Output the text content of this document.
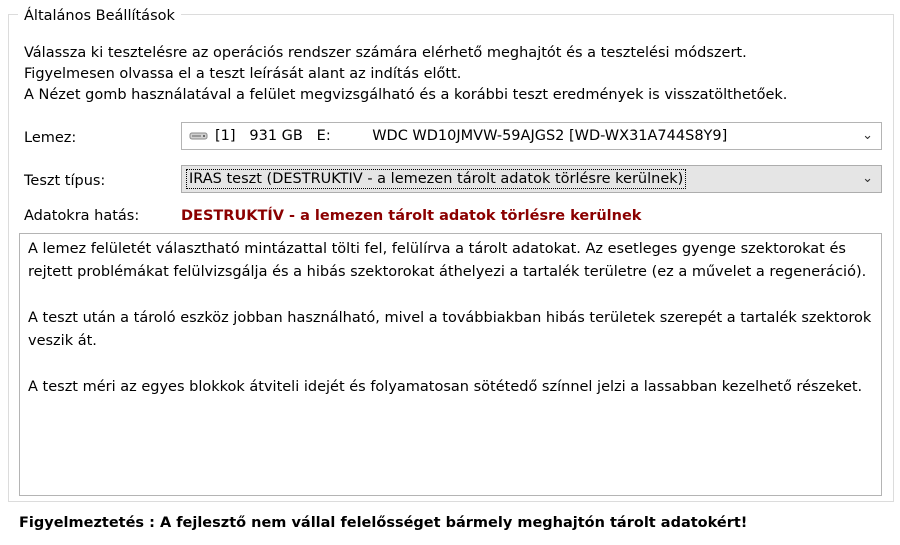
Általános Beállítások
Válassza ki tesztelésre az operációs rendszer számára elérhető meghajtót és a tesztelési módszert.
Figyelmesen olvassa el a teszt leírását alant az indítás előtt.
A Nézet gomb használatával a felület megvizsgálható és a korábbi teszt eredmények is visszatölthetőek.
Lemez:	[1]   931 GB   E:         WDC WD10JMVW-59AJGS2 [WD-WX31A744S8Y9]	⌄
Teszt típus:	IRAS teszt (DESTRUKTIV - a lemezen tárolt adatok törlésre kerülnek)	⌄
Adatokra hatás:	DESTRUKTÍV - a lemezen tárolt adatok törlésre kerülnek

A lemez felületét választható mintázattal tölti fel, felülírva a tárolt adatokat. Az esetleges gyenge szektorokat és rejtett problémákat felülvizsgálja és a hibás szektorokat áthelyezi a tartalék területre (ez a művelet a regeneráció).

A teszt után a tároló eszköz jobban használható, mivel a továbbiakban hibás területek szerepét a tartalék szektorok veszik át.

A teszt méri az egyes blokkok átviteli idejét és folyamatosan sötétedő színnel jelzi a lassabban kezelhető részeket.

Figyelmeztetés : A fejlesztő nem vállal felelősséget bármely meghajtón tárolt adatokért!
